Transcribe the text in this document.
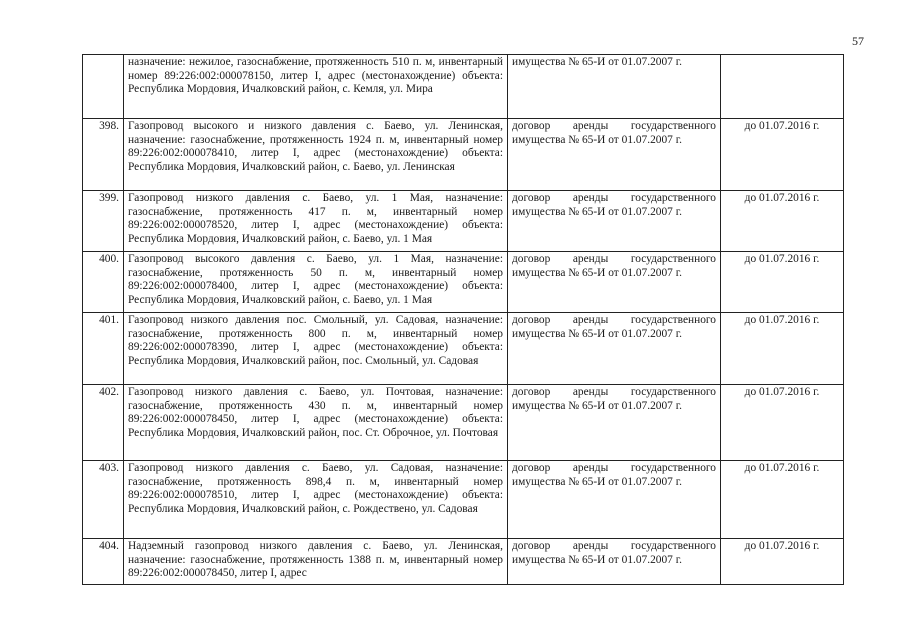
57
	назначение: нежилое, газоснабжение, протяженность 510 п. м, инвентарный номер 89:226:002:000078150, литер I, адрес (местонахождение) объекта: Республика Мордовия, Ичалковский район, с. Кемля, ул. Мира	имущества № 65-И от 01.07.2007 г.	
398.	Газопровод высокого и низкого давления с. Баево, ул. Ленинская, назначение: газоснабжение, протяженность 1924 п. м, инвентарный номер 89:226:002:000078410, литер I, адрес (местонахождение) объекта: Республика Мордовия, Ичалковский район, с. Баево, ул. Ленинская	договор аренды государственного имущества № 65-И от 01.07.2007 г.	до 01.07.2016 г.
399.	Газопровод низкого давления с. Баево, ул. 1 Мая, назначение: газоснабжение, протяженность 417 п. м, инвентарный номер 89:226:002:000078520, литер I, адрес (местонахождение) объекта: Республика Мордовия, Ичалковский район, с. Баево, ул. 1 Мая	договор аренды государственного имущества № 65-И от 01.07.2007 г.	до 01.07.2016 г.
400.	Газопровод высокого давления с. Баево, ул. 1 Мая, назначение: газоснабжение, протяженность 50 п. м, инвентарный номер 89:226:002:000078400, литер I, адрес (местонахождение) объекта: Республика Мордовия, Ичалковский район, с. Баево, ул. 1 Мая	договор аренды государственного имущества № 65-И от 01.07.2007 г.	до 01.07.2016 г.
401.	Газопровод низкого давления пос. Смольный, ул. Садовая, назначение: газоснабжение, протяженность 800 п. м, инвентарный номер 89:226:002:000078390, литер I, адрес (местонахождение) объекта: Республика Мордовия, Ичалковский район, пос. Смольный, ул. Садовая	договор аренды государственного имущества № 65-И от 01.07.2007 г.	до 01.07.2016 г.
402.	Газопровод низкого давления с. Баево, ул. Почтовая, назначение: газоснабжение, протяженность 430 п. м, инвентарный номер 89:226:002:000078450, литер I, адрес (местонахождение) объекта: Республика Мордовия, Ичалковский район, пос. Ст. Оброчное, ул. Почтовая	договор аренды государственного имущества № 65-И от 01.07.2007 г.	до 01.07.2016 г.
403.	Газопровод низкого давления с. Баево, ул. Садовая, назначение: газоснабжение, протяженность 898,4 п. м, инвентарный номер 89:226:002:000078510, литер I, адрес (местонахождение) объекта: Республика Мордовия, Ичалковский район, с. Рождествено, ул. Садовая	договор аренды государственного имущества № 65-И от 01.07.2007 г.	до 01.07.2016 г.
404.	Надземный газопровод низкого давления с. Баево, ул. Ленинская, назначение: газоснабжение, протяженность 1388 п. м, инвентарный номер 89:226:002:000078450, литер I, адрес	договор аренды государственного имущества № 65-И от 01.07.2007 г.	до 01.07.2016 г.
